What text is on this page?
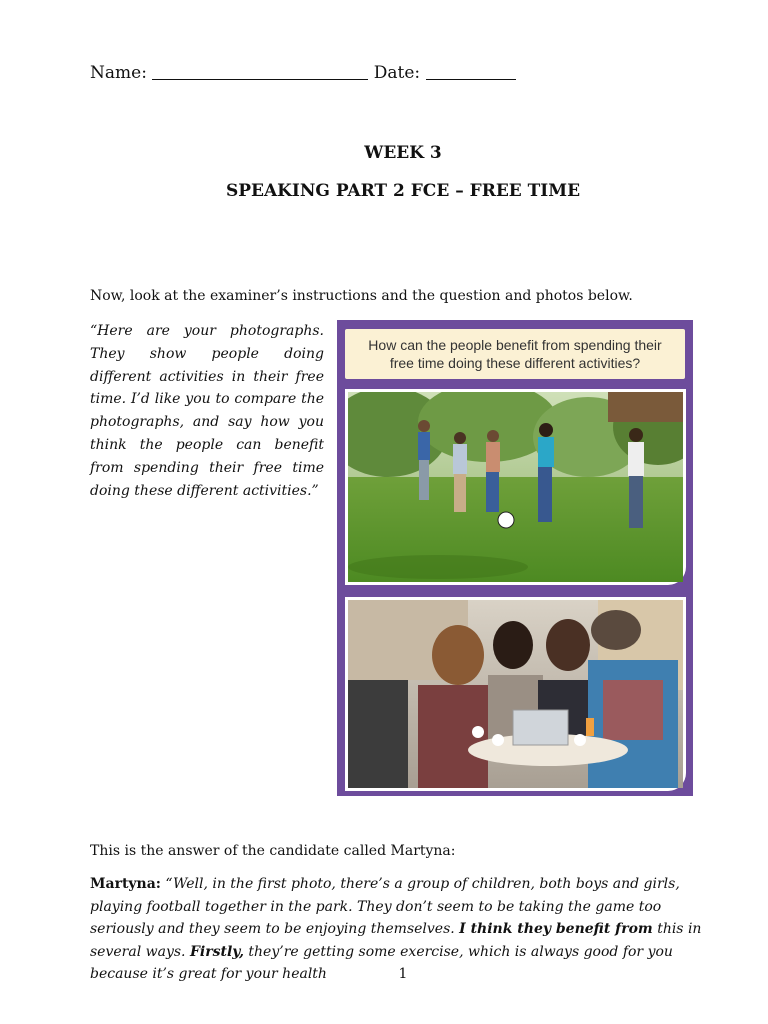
Name:	Date:
WEEK 3
SPEAKING PART 2 FCE – FREE TIME
Now, look at the examiner’s instructions and the question and photos below.
“Here are your photographs. They show people doing different activities in their free time. I’d like you to compare the photographs, and say how you think the people can benefit from spending their free time doing these different activities.”
How can the people benefit from spending their
free time doing these different activities?
This is the answer of the candidate called Martyna:
Martyna: “Well, in the first photo, there’s a group of children, both boys and girls, playing football together in the park. They don’t seem to be taking the game too seriously and they seem to be enjoying themselves. I think they benefit from this in several ways. Firstly, they’re getting some exercise, which is always good for you because it’s great for your health	1
